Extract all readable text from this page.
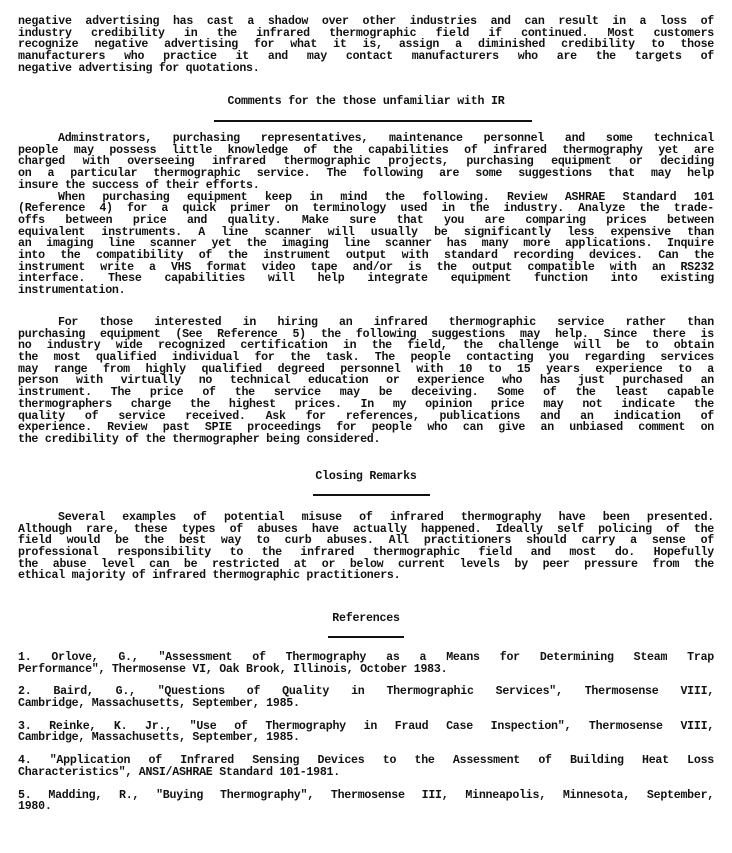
negative advertising has cast a shadow over other industries and can result in a loss of
industry credibility in the infrared thermographic field if continued. Most customers
recognize negative advertising for what it is, assign a diminished credibility to those
manufacturers who practice it and may contact manufacturers who are the targets of
negative advertising for quotations.
Comments for the those unfamiliar with IR
Adminstrators, purchasing representatives, maintenance personnel and some technical
people may possess little knowledge of the capabilities of infrared thermography yet are
charged with overseeing infrared thermographic projects, purchasing equipment or deciding
on a particular thermographic service. The following are some suggestions that may help
insure the success of their efforts.
When purchasing equipment keep in mind the following. Review ASHRAE Standard 101
(Reference 4) for a quick primer on terminology used in the industry. Analyze the trade-
offs between price and quality. Make sure that you are comparing prices between
equivalent instruments. A line scanner will usually be significantly less expensive than
an imaging line scanner yet the imaging line scanner has many more applications. Inquire
into the compatibility of the instrument output with standard recording devices. Can the
instrument write a VHS format video tape and/or is the output compatible with an RS232
interface. These capabilities will help integrate equipment function into existing
instrumentation.
For those interested in hiring an infrared thermographic service rather than
purchasing equipment (See Reference 5) the following suggestions may help. Since there is
no industry wide recognized certification in the field, the challenge will be to obtain
the most qualified individual for the task. The people contacting you regarding services
may range from highly qualified degreed personnel with 10 to 15 years experience to a
person with virtually no technical education or experience who has just purchased an
instrument. The price of the service may be deceiving. Some of the least capable
thermographers charge the highest prices. In my opinion price may not indicate the
quality of service received. Ask for references, publications and an indication of
experience. Review past SPIE proceedings for people who can give an unbiased comment on
the credibility of the thermographer being considered.
Closing Remarks
Several examples of potential misuse of infrared thermography have been presented.
Although rare, these types of abuses have actually happened. Ideally self policing of the
field would be the best way to curb abuses. All practitioners should carry a sense of
professional responsibility to the infrared thermographic field and most do. Hopefully
the abuse level can be restricted at or below current levels by peer pressure from the
ethical majority of infrared thermographic practitioners.
References
1. Orlove, G., "Assessment of Thermography as a Means for Determining Steam Trap
Performance", Thermosense VI, Oak Brook, Illinois, October 1983.
2. Baird, G., "Questions of Quality in Thermographic Services", Thermosense VIII,
Cambridge, Massachusetts, September, 1985.
3. Reinke, K. Jr., "Use of Thermography in Fraud Case Inspection", Thermosense VIII,
Cambridge, Massachusetts, September, 1985.
4. "Application of Infrared Sensing Devices to the Assessment of Building Heat Loss
Characteristics", ANSI/ASHRAE Standard 101-1981.
5. Madding, R., "Buying Thermography", Thermosense III, Minneapolis, Minnesota, September,
1980.
